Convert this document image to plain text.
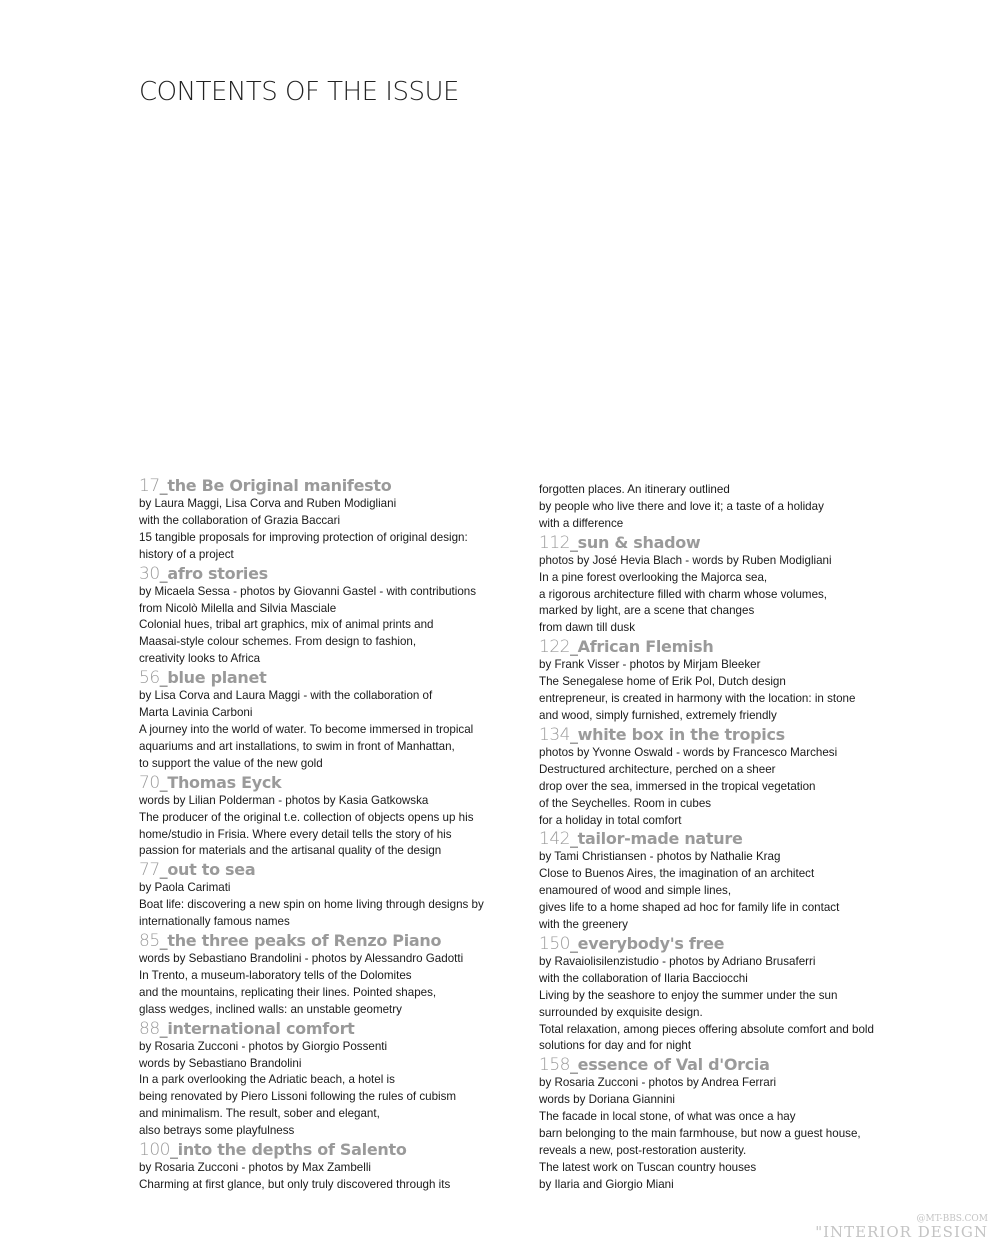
CONTENTS OF THE ISSUE
17_the Be Original manifesto

by Laura Maggi, Lisa Corva and Ruben Modigliani

with the collaboration of Grazia Baccari

15 tangible proposals for improving protection of original design:

history of a project

30_afro stories

by Micaela Sessa - photos by Giovanni Gastel - with contributions

from Nicolò Milella and Silvia Masciale

Colonial hues, tribal art graphics, mix of animal prints and

Maasai-style colour schemes. From design to fashion,

creativity looks to Africa

56_blue planet

by Lisa Corva and Laura Maggi - with the collaboration of

Marta Lavinia Carboni

A journey into the world of water. To become immersed in tropical

aquariums and art installations, to swim in front of Manhattan,

to support the value of the new gold

70_Thomas Eyck

words by Lilian Polderman - photos by Kasia Gatkowska

The producer of the original t.e. collection of objects opens up his

home/studio in Frisia. Where every detail tells the story of his

passion for materials and the artisanal quality of the design

77_out to sea

by Paola Carimati

Boat life: discovering a new spin on home living through designs by

internationally famous names

85_the three peaks of Renzo Piano

words by Sebastiano Brandolini - photos by Alessandro Gadotti

In Trento, a museum-laboratory tells of the Dolomites

and the mountains, replicating their lines. Pointed shapes,

glass wedges, inclined walls: an unstable geometry

88_international comfort

by Rosaria Zucconi - photos by Giorgio Possenti

words by Sebastiano Brandolini

In a park overlooking the Adriatic beach, a hotel is

being renovated by Piero Lissoni following the rules of cubism

and minimalism. The result, sober and elegant,

also betrays some playfulness

100_into the depths of Salento

by Rosaria Zucconi - photos by Max Zambelli

Charming at first glance, but only truly discovered through its

forgotten places. An itinerary outlined

by people who live there and love it; a taste of a holiday

with a difference

112_sun & shadow

photos by José Hevia Blach - words by Ruben Modigliani

In a pine forest overlooking the Majorca sea,

a rigorous architecture filled with charm whose volumes,

marked by light, are a scene that changes

from dawn till dusk

122_African Flemish

by Frank Visser - photos by Mirjam Bleeker

The Senegalese home of Erik Pol, Dutch design

entrepreneur, is created in harmony with the location: in stone

and wood, simply furnished, extremely friendly

134_white box in the tropics

photos by Yvonne Oswald - words by Francesco Marchesi

Destructured architecture, perched on a sheer

drop over the sea, immersed in the tropical vegetation

of the Seychelles. Room in cubes

for a holiday in total comfort

142_tailor-made nature

by Tami Christiansen - photos by Nathalie Krag

Close to Buenos Aires, the imagination of an architect

enamoured of wood and simple lines,

gives life to a home shaped ad hoc for family life in contact

with the greenery

150_everybody's free

by Ravaiolisilenzistudio - photos by Adriano Brusaferri

with the collaboration of Ilaria Bacciocchi

Living by the seashore to enjoy the summer under the sun

surrounded by exquisite design.

Total relaxation, among pieces offering absolute comfort and bold

solutions for day and for night

158_essence of Val d'Orcia

by Rosaria Zucconi - photos by Andrea Ferrari

words by Doriana Giannini

The facade in local stone, of what was once a hay

barn belonging to the main farmhouse, but now a guest house,

reveals a new, post-restoration austerity.

The latest work on Tuscan country houses

by Ilaria and Giorgio Miani

@MT-BBS.COM
"INTERIOR DESIGN
